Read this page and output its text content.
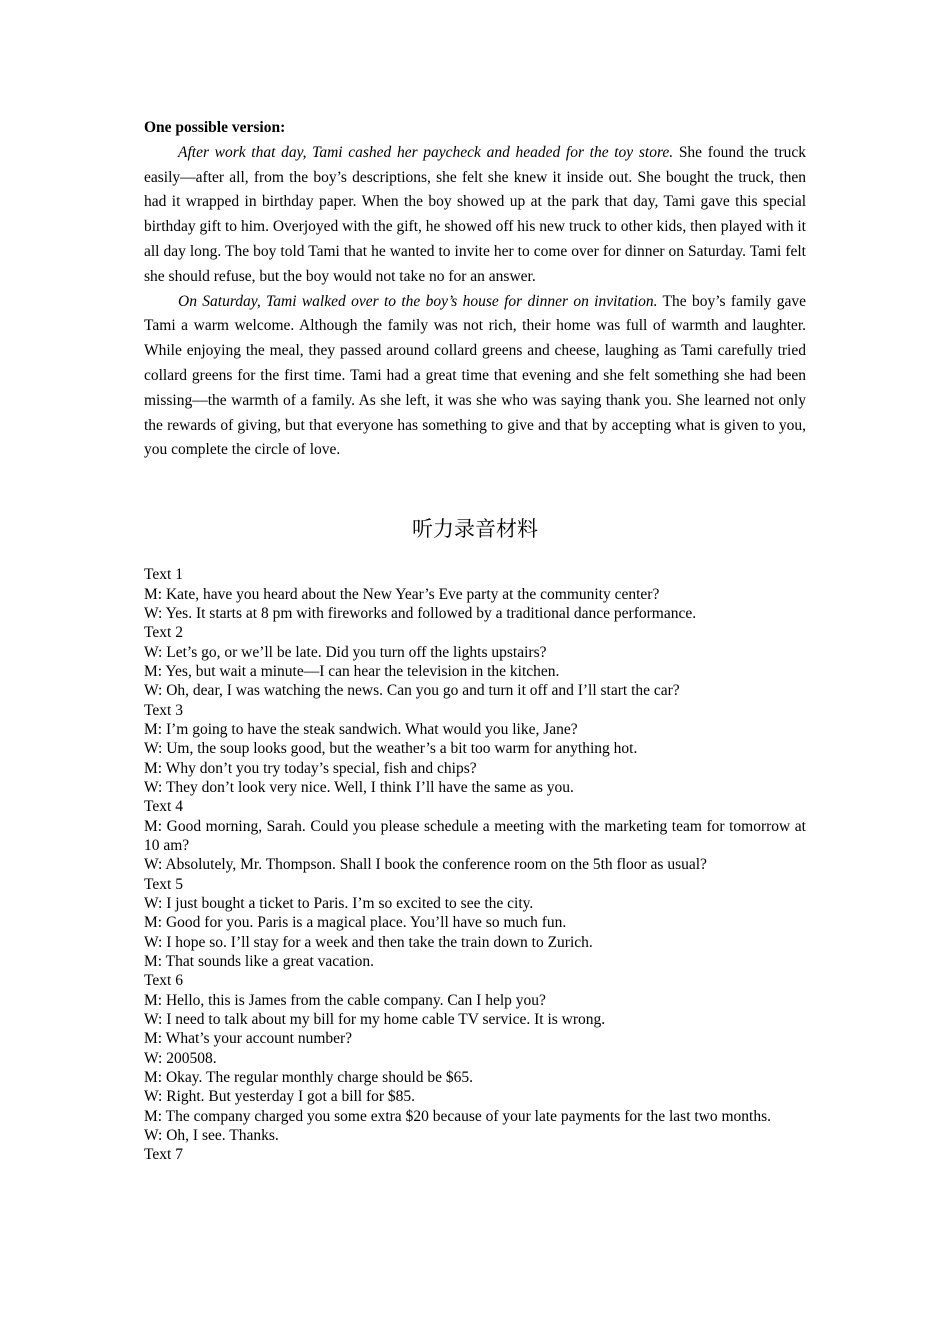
One possible version:

After work that day, Tami cashed her paycheck and headed for the toy store. She found the truck easily—after all, from the boy’s descriptions, she felt she knew it inside out. She bought the truck, then had it wrapped in birthday paper. When the boy showed up at the park that day, Tami gave this special birthday gift to him. Overjoyed with the gift, he showed off his new truck to other kids, then played with it all day long. The boy told Tami that he wanted to invite her to come over for dinner on Saturday. Tami felt she should refuse, but the boy would not take no for an answer.

On Saturday, Tami walked over to the boy’s house for dinner on invitation. The boy’s family gave Tami a warm welcome. Although the family was not rich, their home was full of warmth and laughter. While enjoying the meal, they passed around collard greens and cheese, laughing as Tami carefully tried collard greens for the first time. Tami had a great time that evening and she felt something she had been missing—the warmth of a family. As she left, it was she who was saying thank you. She learned not only the rewards of giving, but that everyone has something to give and that by accepting what is given to you, you complete the circle of love.

听力录音材料

Text 1

M: Kate, have you heard about the New Year’s Eve party at the community center?

W: Yes. It starts at 8 pm with fireworks and followed by a traditional dance performance.

Text 2

W: Let’s go, or we’ll be late. Did you turn off the lights upstairs?

M: Yes, but wait a minute—I can hear the television in the kitchen.

W: Oh, dear, I was watching the news. Can you go and turn it off and I’ll start the car?

Text 3

M: I’m going to have the steak sandwich. What would you like, Jane?

W: Um, the soup looks good, but the weather’s a bit too warm for anything hot.

M: Why don’t you try today’s special, fish and chips?

W: They don’t look very nice. Well, I think I’ll have the same as you.

Text 4

M: Good morning, Sarah. Could you please schedule a meeting with the marketing team for tomorrow at 10 am?

W: Absolutely, Mr. Thompson. Shall I book the conference room on the 5th floor as usual?

Text 5

W: I just bought a ticket to Paris. I’m so excited to see the city.

M: Good for you. Paris is a magical place. You’ll have so much fun.

W: I hope so. I’ll stay for a week and then take the train down to Zurich.

M: That sounds like a great vacation.

Text 6

M: Hello, this is James from the cable company. Can I help you?

W: I need to talk about my bill for my home cable TV service. It is wrong.

M: What’s your account number?

W: 200508.

M: Okay. The regular monthly charge should be $65.

W: Right. But yesterday I got a bill for $85.

M: The company charged you some extra $20 because of your late payments for the last two months.

W: Oh, I see. Thanks.

Text 7
